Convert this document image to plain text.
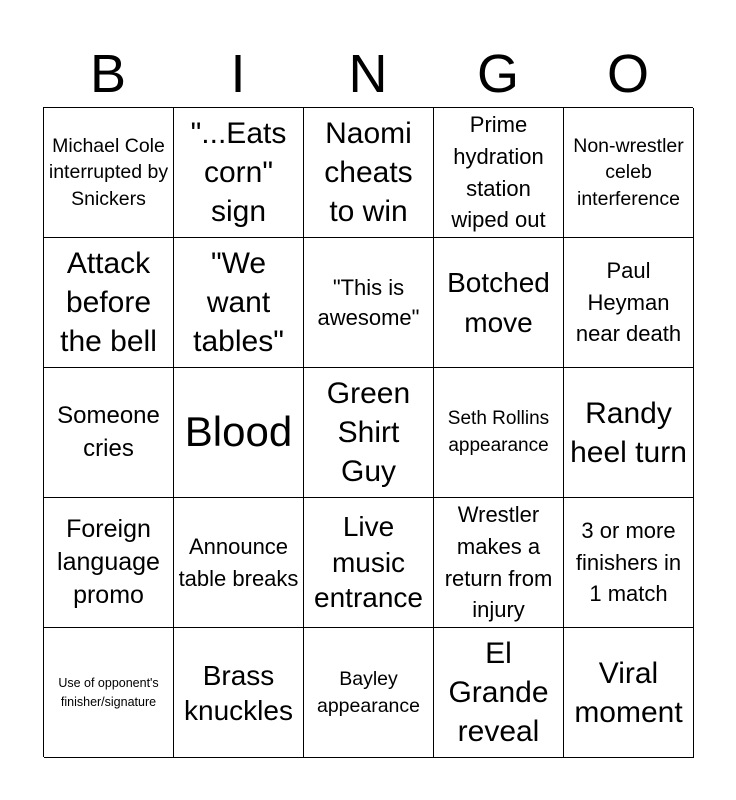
B	I	N	G	O
Michael Cole interrupted by Snickers
"...Eats corn" sign
Naomi cheats to win
Prime hydration station wiped out
Non-wrestler celeb interference
Attack before the bell
"We want tables"
"This is awesome"
Botched move
Paul Heyman near death
Someone cries	Blood
Green Shirt Guy
Seth Rollins appearance
Randy heel turn
Foreign language promo
Announce table breaks
Live music entrance
Wrestler makes a return from injury
3 or more finishers in 1 match
Use of opponent's finisher/signature
Brass knuckles
Bayley appearance
El Grande reveal
Viral moment
